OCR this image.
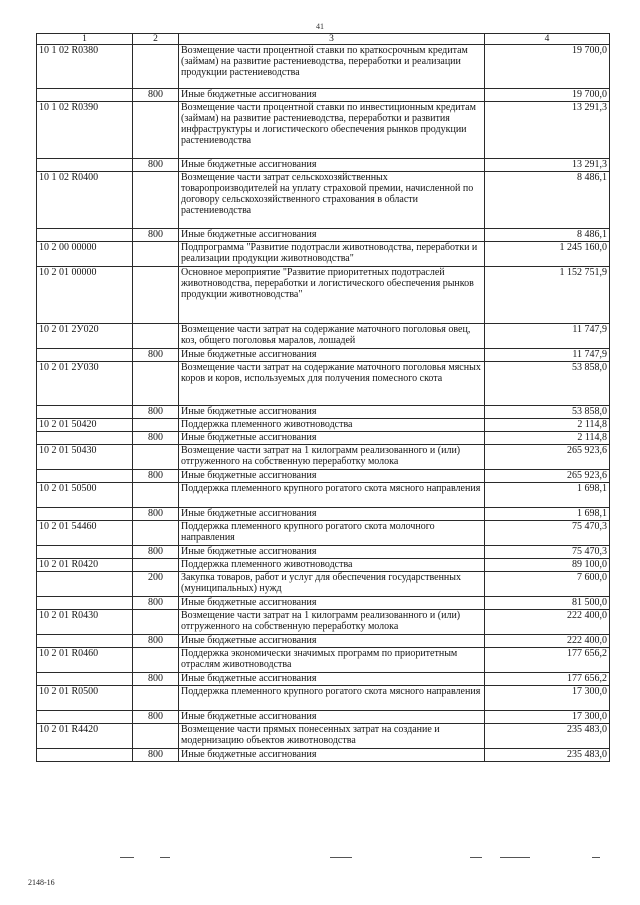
41
1	2	3	4
10 1 02 R0380		Возмещение части процентной ставки по краткосрочным кредитам (займам) на развитие растениеводства, переработки и реализации продукции растениеводства	19 700,0
	800	Иные бюджетные ассигнования	19 700,0
10 1 02 R0390		Возмещение части процентной ставки по инвестиционным кредитам (займам) на развитие растениеводства, переработки и развития инфраструктуры и логистического обеспечения рынков продукции растениеводства	13 291,3
	800	Иные бюджетные ассигнования	13 291,3
10 1 02 R0400		Возмещение части затрат сельскохозяйственных товаропроизводителей на уплату страховой премии, начисленной по договору сельскохозяйственного страхования в области растениеводства	8 486,1
	800	Иные бюджетные ассигнования	8 486,1
10 2 00 00000		Подпрограмма "Развитие подотрасли животноводства, переработки и реализации продукции животноводства"	1 245 160,0
10 2 01 00000		Основное мероприятие "Развитие приоритетных подотраслей животноводства, переработки и логистического обеспечения рынков продукции животноводства"	1 152 751,9
10 2 01 2У020		Возмещение части затрат на содержание маточного поголовья овец, коз, общего поголовья маралов, лошадей	11 747,9
	800	Иные бюджетные ассигнования	11 747,9
10 2 01 2У030		Возмещение части затрат на содержание маточного поголовья мясных коров и коров, используемых для получения помесного скота	53 858,0
	800	Иные бюджетные ассигнования	53 858,0
10 2 01 50420		Поддержка племенного животноводства	2 114,8
	800	Иные бюджетные ассигнования	2 114,8
10 2 01 50430		Возмещение части затрат на 1 килограмм реализованного и (или) отгруженного на собственную переработку молока	265 923,6
	800	Иные бюджетные ассигнования	265 923,6
10 2 01 50500		Поддержка племенного крупного рогатого скота мясного направления	1 698,1
	800	Иные бюджетные ассигнования	1 698,1
10 2 01 54460		Поддержка племенного крупного рогатого скота молочного направления	75 470,3
	800	Иные бюджетные ассигнования	75 470,3
10 2 01 R0420		Поддержка племенного животноводства	89 100,0
	200	Закупка товаров, работ и услуг для обеспечения государственных (муниципальных) нужд	7 600,0
	800	Иные бюджетные ассигнования	81 500,0
10 2 01 R0430		Возмещение части затрат на 1 килограмм реализованного и (или) отгруженного на собственную переработку молока	222 400,0
	800	Иные бюджетные ассигнования	222 400,0
10 2 01 R0460		Поддержка экономически значимых программ по приоритетным отраслям животноводства	177 656,2
	800	Иные бюджетные ассигнования	177 656,2
10 2 01 R0500		Поддержка племенного крупного рогатого скота мясного направления	17 300,0
	800	Иные бюджетные ассигнования	17 300,0
10 2 01 R4420		Возмещение части прямых понесенных затрат на создание и модернизацию объектов животноводства	235 483,0
	800	Иные бюджетные ассигнования	235 483,0
2148-16
